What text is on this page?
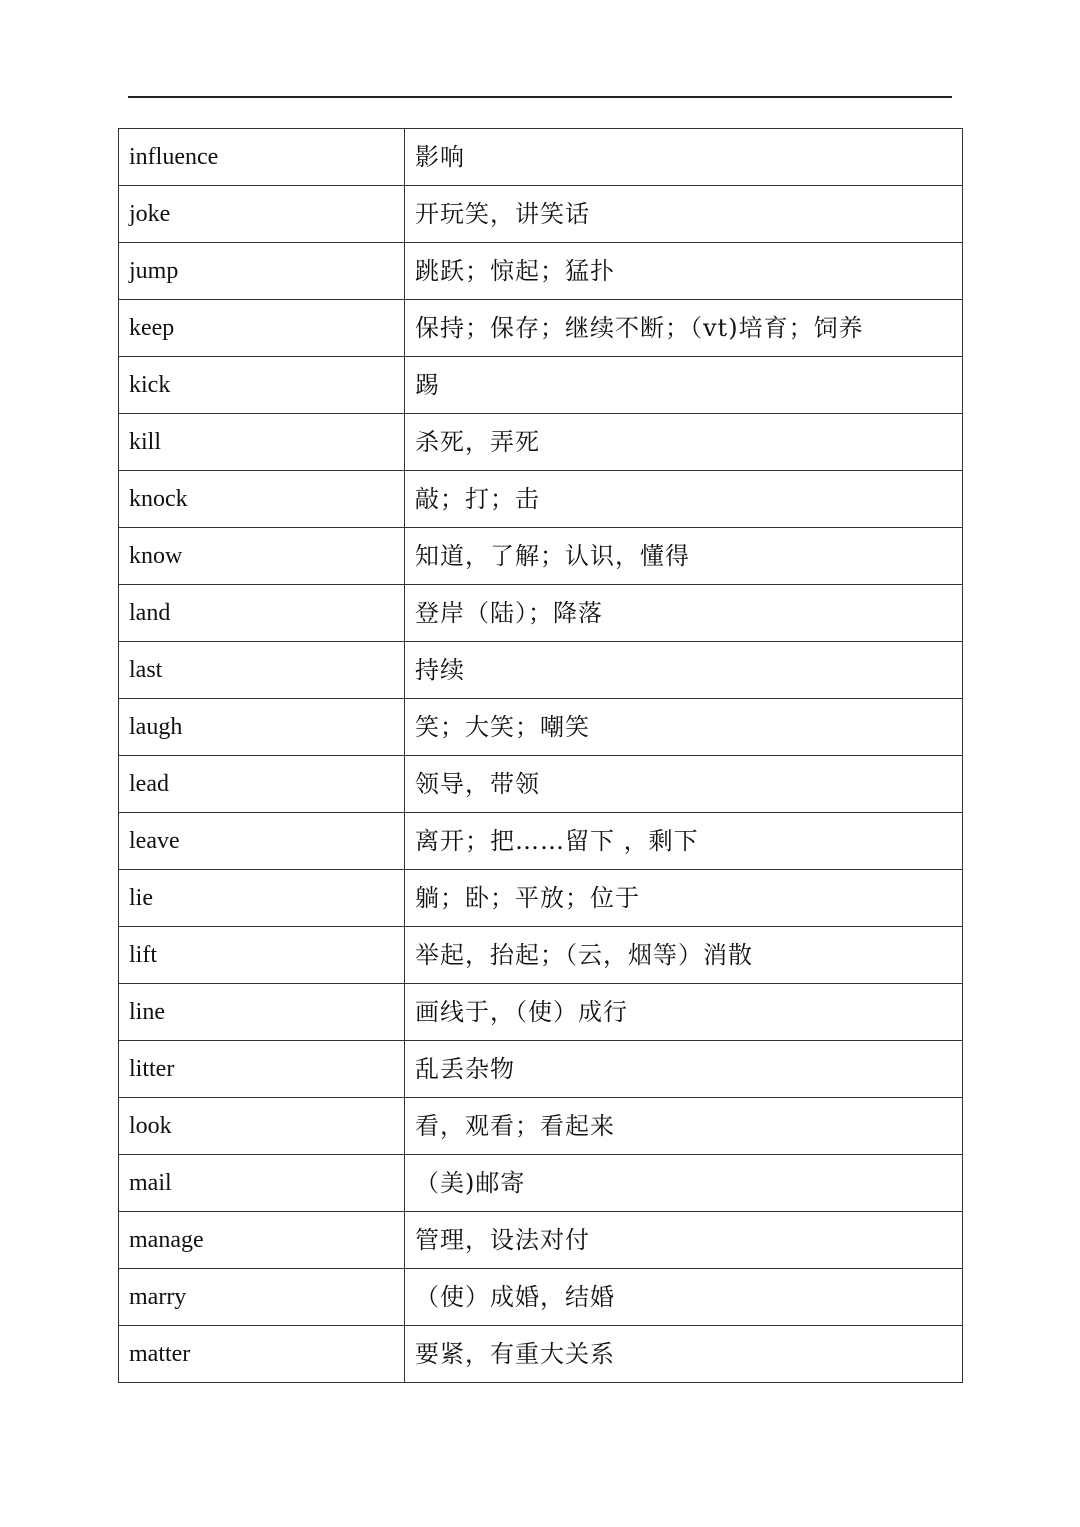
influence	影响
joke	开玩笑，讲笑话
jump	跳跃；惊起；猛扑
keep	保持；保存；继续不断；（vt)培育；饲养
kick	踢
kill	杀死，弄死
knock	敲；打；击
know	知道，了解；认识，懂得
land	登岸（陆）；降落
last	持续
laugh	笑；大笑；嘲笑
lead	领导，带领
leave	离开；把……留下 ，剩下
lie	躺；卧；平放；位于
lift	举起，抬起；（云，烟等）消散
line	画线于，（使）成行
litter	乱丢杂物
look	看，观看；看起来
mail	（美)邮寄
manage	管理，设法对付
marry	（使）成婚，结婚
matter	要紧，有重大关系
